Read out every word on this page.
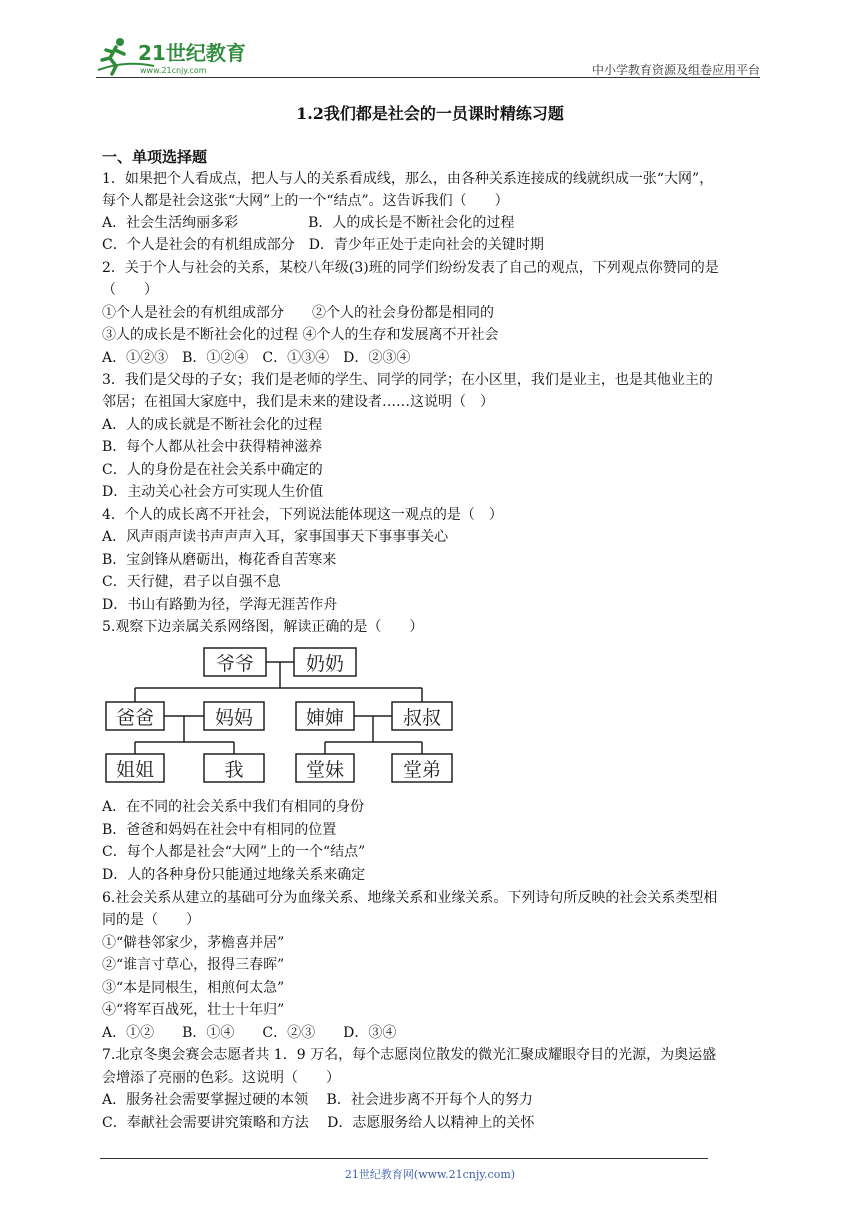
21世纪教育
www.21cnjy.com	中小学教育资源及组卷应用平台
1.2我们都是社会的一员课时精练习题
一、单项选择题
1．如果把个人看成点，把人与人的关系看成线，那么，由各种关系连接成的线就织成一张“大网”，
每个人都是社会这张“大网”上的一个“结点”。这告诉我们（　　）
A．社会生活绚丽多彩　　　　　B．人的成长是不断社会化的过程
C．个人是社会的有机组成部分　D．青少年正处于走向社会的关键时期
2．关于个人与社会的关系，某校八年级(3)班的同学们纷纷发表了自己的观点，下列观点你赞同的是
（　　）
①个人是社会的有机组成部分　　②个人的社会身份都是相同的
③人的成长是不断社会化的过程 ④个人的生存和发展离不开社会
A．①②③　B．①②④　C．①③④　D．②③④
3．我们是父母的子女；我们是老师的学生、同学的同学；在小区里，我们是业主，也是其他业主的
邻居；在祖国大家庭中，我们是未来的建设者……这说明（　）
A．人的成长就是不断社会化的过程
B．每个人都从社会中获得精神滋养
C．人的身份是在社会关系中确定的
D．主动关心社会方可实现人生价值
4．个人的成长离不开社会，下列说法能体现这一观点的是（　）
A．风声雨声读书声声声入耳，家事国事天下事事事关心
B．宝剑锋从磨砺出，梅花香自苦寒来
C．天行健，君子以自强不息
D．书山有路勤为径，学海无涯苦作舟
5.观察下边亲属关系网络图，解读正确的是（　　）
爷爷	奶奶
爸爸	妈妈	婶婶	叔叔
姐姐	我	堂妹	堂弟
A．在不同的社会关系中我们有相同的身份
B．爸爸和妈妈在社会中有相同的位置
C．每个人都是社会“大网”上的一个“结点”
D．人的各种身份只能通过地缘关系来确定
6.社会关系从建立的基础可分为血缘关系、地缘关系和业缘关系。下列诗句所反映的社会关系类型相
同的是（　　）
①“僻巷邻家少，茅檐喜并居”
②“谁言寸草心，报得三春晖”
③“本是同根生，相煎何太急”
④“将军百战死，壮士十年归”
A．①②　　B．①④　　C．②③　　D．③④
7.北京冬奥会赛会志愿者共 1．9 万名，每个志愿岗位散发的微光汇聚成耀眼夺目的光源，为奥运盛
会增添了亮丽的色彩。这说明（　　）
A．服务社会需要掌握过硬的本领　 B．社会进步离不开每个人的努力
C．奉献社会需要讲究策略和方法　 D．志愿服务给人以精神上的关怀
21世纪教育网(www.21cnjy.com)
